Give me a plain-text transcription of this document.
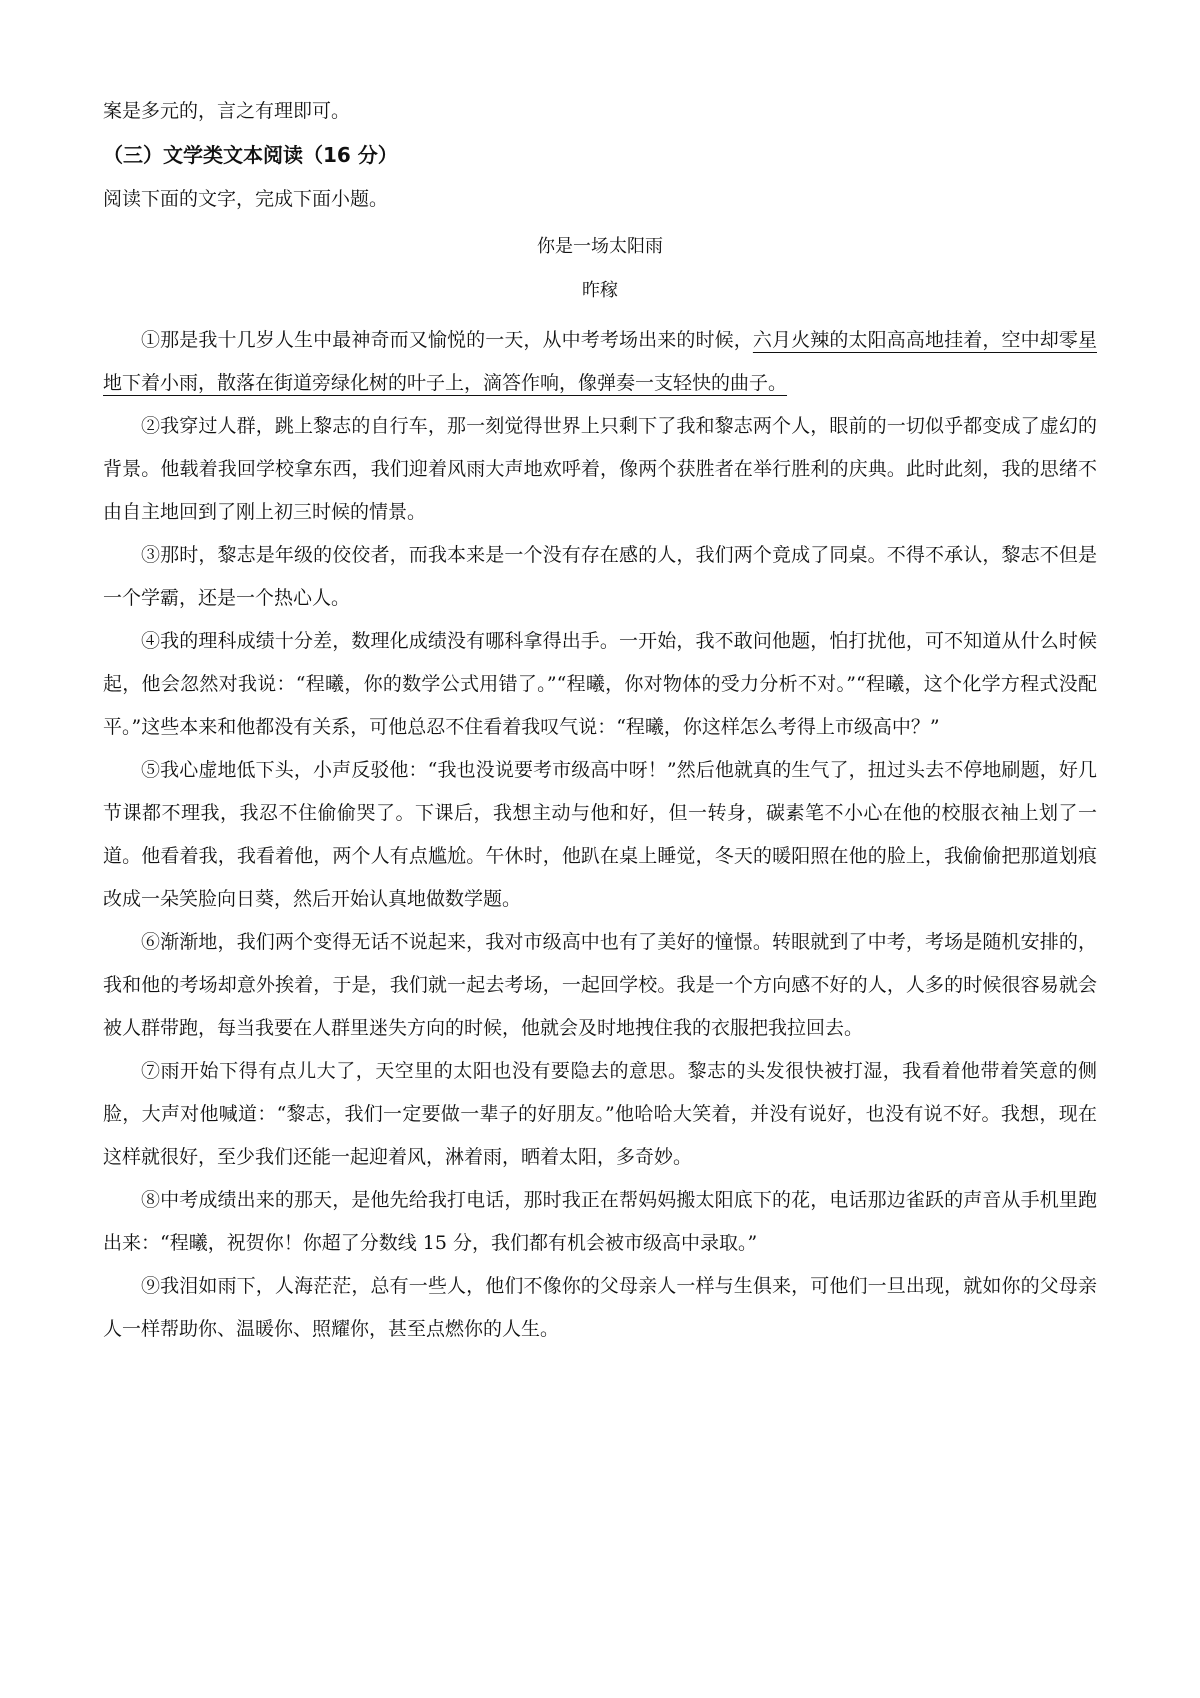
案是多元的，言之有理即可。
（三）文学类文本阅读（16 分）
阅读下面的文字，完成下面小题。
你是一场太阳雨
昨稼

①那是我十几岁人生中最神奇而又愉悦的一天，从中考考场出来的时候，六月火辣的太阳高高地挂着，空中却零星地下着小雨，散落在街道旁绿化树的叶子上，滴答作响，像弹奏一支轻快的曲子。

②我穿过人群，跳上黎志的自行车，那一刻觉得世界上只剩下了我和黎志两个人，眼前的一切似乎都变成了虚幻的背景。他载着我回学校拿东西，我们迎着风雨大声地欢呼着，像两个获胜者在举行胜利的庆典。此时此刻，我的思绪不由自主地回到了刚上初三时候的情景。

③那时，黎志是年级的佼佼者，而我本来是一个没有存在感的人，我们两个竟成了同桌。不得不承认，黎志不但是一个学霸，还是一个热心人。

④我的理科成绩十分差，数理化成绩没有哪科拿得出手。一开始，我不敢问他题，怕打扰他，可不知道从什么时候起，他会忽然对我说：“程曦，你的数学公式用错了。”“程曦，你对物体的受力分析不对。”“程曦，这个化学方程式没配平。”这些本来和他都没有关系，可他总忍不住看着我叹气说：“程曦，你这样怎么考得上市级高中？”

⑤我心虚地低下头，小声反驳他：“我也没说要考市级高中呀！”然后他就真的生气了，扭过头去不停地刷题，好几节课都不理我，我忍不住偷偷哭了。下课后，我想主动与他和好，但一转身，碳素笔不小心在他的校服衣袖上划了一道。他看着我，我看着他，两个人有点尴尬。午休时，他趴在桌上睡觉，冬天的暖阳照在他的脸上，我偷偷把那道划痕改成一朵笑脸向日葵，然后开始认真地做数学题。

⑥渐渐地，我们两个变得无话不说起来，我对市级高中也有了美好的憧憬。转眼就到了中考，考场是随机安排的，我和他的考场却意外挨着，于是，我们就一起去考场，一起回学校。我是一个方向感不好的人，人多的时候很容易就会被人群带跑，每当我要在人群里迷失方向的时候，他就会及时地拽住我的衣服把我拉回去。

⑦雨开始下得有点儿大了，天空里的太阳也没有要隐去的意思。黎志的头发很快被打湿，我看着他带着笑意的侧脸，大声对他喊道：“黎志，我们一定要做一辈子的好朋友。”他哈哈大笑着，并没有说好，也没有说不好。我想，现在这样就很好，至少我们还能一起迎着风，淋着雨，晒着太阳，多奇妙。

⑧中考成绩出来的那天，是他先给我打电话，那时我正在帮妈妈搬太阳底下的花，电话那边雀跃的声音从手机里跑出来：“程曦，祝贺你！你超了分数线 15 分，我们都有机会被市级高中录取。”

⑨我泪如雨下，人海茫茫，总有一些人，他们不像你的父母亲人一样与生俱来，可他们一旦出现，就如你的父母亲人一样帮助你、温暖你、照耀你，甚至点燃你的人生。
